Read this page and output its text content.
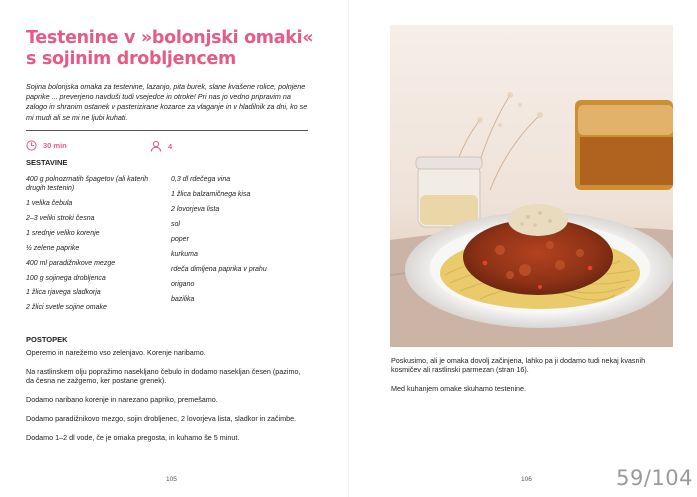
Testenine v »bolonjski omaki«
s sojinim drobljencem

Sojina bolonjska omaka za testenine, lazanjo, pita burek, slane kvašene rolice, polnjene paprike ... preverjeno navduši tudi vsejedce in otroke! Pri nas jo vedno pripravim na zalogo in shranim ostanek v pasterizirane kozarce za vlaganje in v hladilnik za dni, ko se mi mudi ali se mi ne ljubi kuhati.

30 min	4
SESTAVINE
400 g polnozrnatih špagetov (ali katerih drugih testenin)
1 velika čebula
2–3 veliki stroki česna
1 srednje veliko korenje
½ zelene paprike
400 ml paradižnikove mezge
100 g sojinega drobljenca
1 žlica rjavega sladkorja
2 žlici svetle sojine omake
0,3 dl rdečega vina
1 žlica balzamičnega kisa
2 lovorjeva lista
sol
poper
kurkuma
rdeča dimljena paprika v prahu
origano
bazilika
POSTOPEK

Operemo in narežemo vso zelenjavo. Korenje naribamo.

Na rastlinskem olju popražimo nasekljano čebulo in dodamo nasekljan česen (pazimo, da česna ne zažgemo, ker postane grenek).

Dodamo naribano korenje in narezano papriko, premešamo.

Dodamo paradižnikovo mezgo, sojin drobljenec, 2 lovorjeva lista, sladkor in začimbe.

Dodamo 1–2 dl vode, če je omaka pregosta, in kuhamo še 5 minut.

105

Poskusimo, ali je omaka dovolj začinjena, lahko pa ji dodamo tudi nekaj kvasnih kosmičev ali rastlinski parmezan (stran 16).

Med kuhanjem omake skuhamo testenine.

106	59/104
